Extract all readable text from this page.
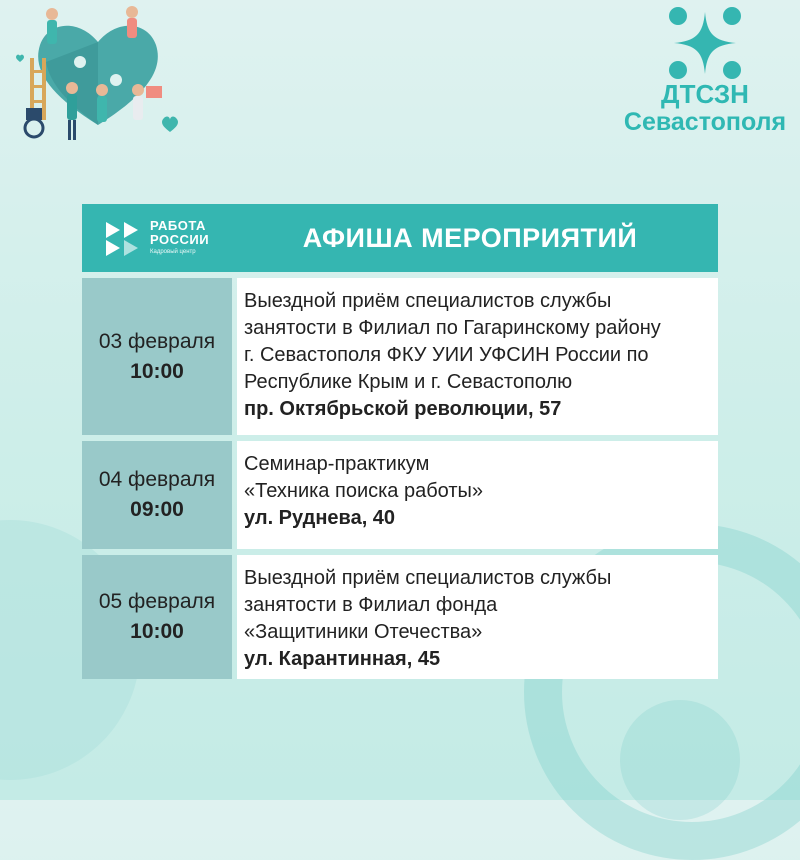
ДТСЗН
Севастополя
РАБОТА
РОССИИ
Кадровый центр	АФИША МЕРОПРИЯТИЙ
03 февраля
10:00
Выездной приём специалистов службы
занятости в Филиал по Гагаринскому району
г. Севастополя ФКУ УИИ УФСИН России по
Республике Крым и г. Севастополю
пр. Октябрьской революции, 57
04 февраля
09:00
Семинар-практикум
«Техника поиска работы»
ул. Руднева, 40
05 февраля
10:00
Выездной приём специалистов службы
занятости в Филиал фонда
«Защитиники Отечества»
ул. Карантинная, 45
